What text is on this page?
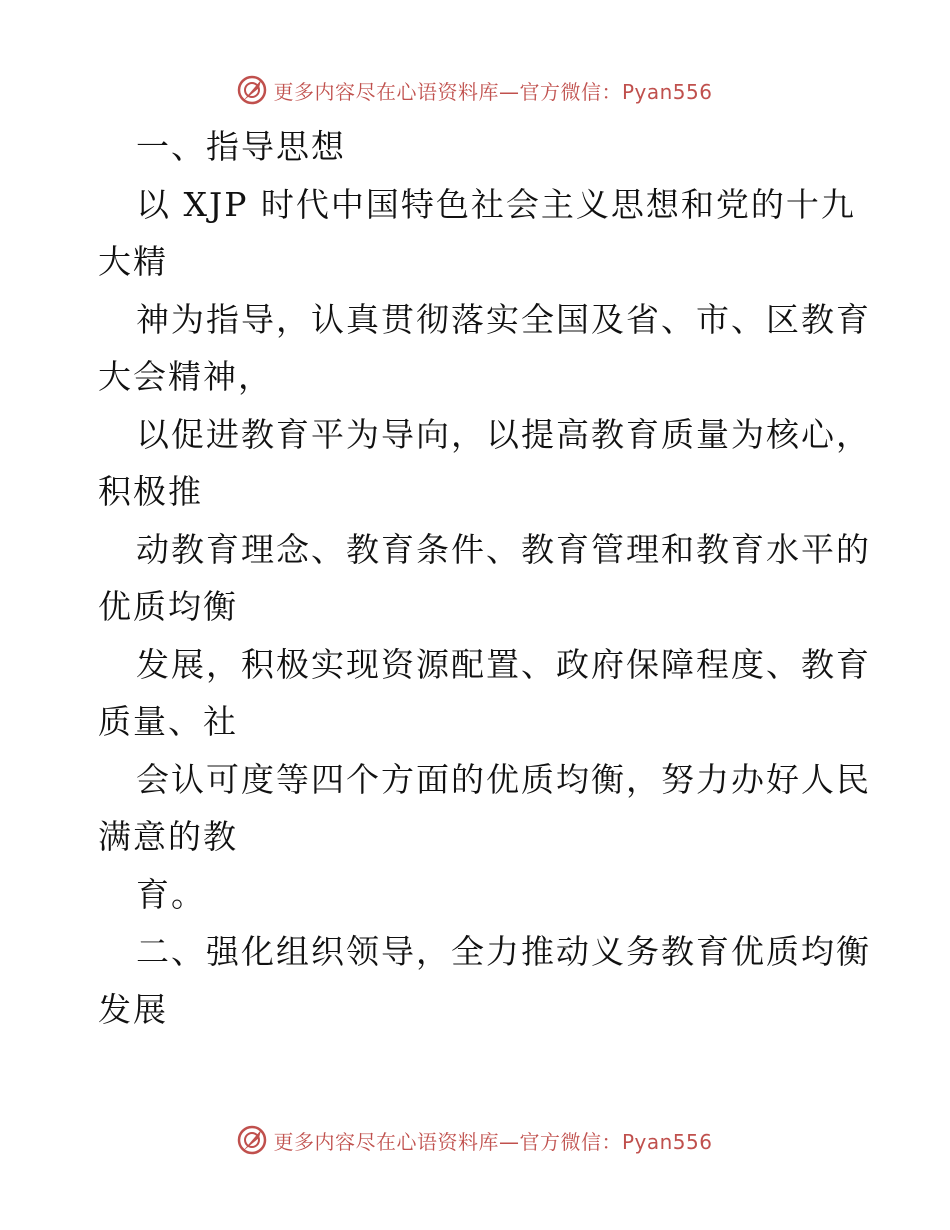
更多内容尽在心语资料库—官方微信：Pyan556
一、指导思想
以 XJP 时代中国特色社会主义思想和党的十九
大精
神为指导，认真贯彻落实全国及省、市、区教育
大会精神，
以促进教育平为导向，以提高教育质量为核心，
积极推
动教育理念、教育条件、教育管理和教育水平的
优质均衡
发展，积极实现资源配置、政府保障程度、教育
质量、社
会认可度等四个方面的优质均衡，努力办好人民
满意的教
育。
二、强化组织领导，全力推动义务教育优质均衡
发展
更多内容尽在心语资料库—官方微信：Pyan556
